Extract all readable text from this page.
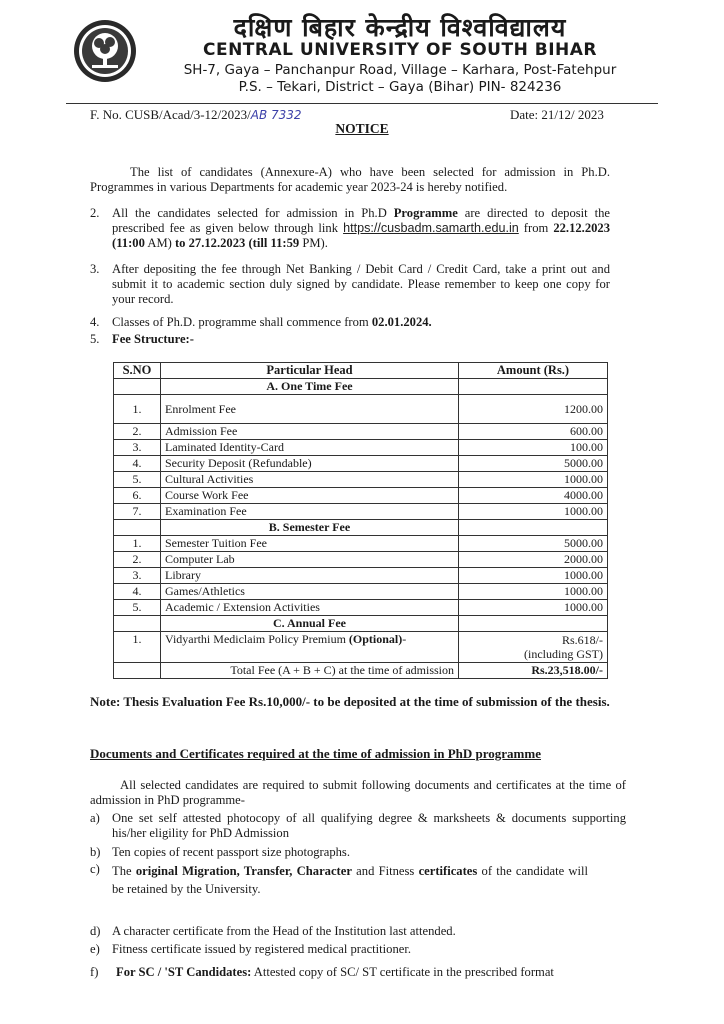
दक्षिण बिहार केन्द्रीय विश्वविद्यालय
CENTRAL UNIVERSITY OF SOUTH BIHAR
SH-7, Gaya – Panchanpur Road, Village – Karhara, Post-Fatehpur
P.S. – Tekari, District – Gaya (Bihar) PIN- 824236
F. No. CUSB/Acad/3-12/2023/AB 7332	Date: 21/12/ 2023
NOTICE
The list of candidates (Annexure-A) who have been selected for admission in Ph.D. Programmes in various Departments for academic year 2023-24 is hereby notified.
2. All the candidates selected for admission in Ph.D Programme are directed to deposit the prescribed fee as given below through link https://cusbadm.samarth.edu.in from 22.12.2023 (11:00 AM) to 27.12.2023 (till 11:59 PM).
3. After depositing the fee through Net Banking / Debit Card / Credit Card, take a print out and submit it to academic section duly signed by candidate. Please remember to keep one copy for your record.
4. Classes of Ph.D. programme shall commence from 02.01.2024.
5. Fee Structure:-
S.NO	Particular Head	Amount (Rs.)
	A. One Time Fee	
1.	Enrolment Fee	1200.00
2.	Admission Fee	600.00
3.	Laminated Identity-Card	100.00
4.	Security Deposit (Refundable)	5000.00
5.	Cultural Activities	1000.00
6.	Course Work Fee	4000.00
7.	Examination Fee	1000.00
	B. Semester Fee	
1.	Semester Tuition Fee	5000.00
2.	Computer Lab	2000.00
3.	Library	1000.00
4.	Games/Athletics	1000.00
5.	Academic / Extension Activities	1000.00
	C. Annual Fee	
1.	Vidyarthi Mediclaim Policy Premium (Optional)-	Rs.618/-
(including GST)

	Total Fee (A + B + C) at the time of admission	Rs.23,518.00/-
Note: Thesis Evaluation Fee Rs.10,000/- to be deposited at the time of submission of the thesis.
Documents and Certificates required at the time of admission in PhD programme
All selected candidates are required to submit following documents and certificates at the time of admission in PhD programme-
a) One set self attested photocopy of all qualifying degree & marksheets & documents supporting his/her eligility for PhD Admission
b) Ten copies of recent passport size photographs.
c) The original Migration, Transfer, Character and Fitness certificates of the candidate will be retained by the University.
d) A character certificate from the Head of the Institution last attended.
e) Fitness certificate issued by registered medical practitioner.
f) For SC / 'ST Candidates: Attested copy of SC/ ST certificate in the prescribed format
